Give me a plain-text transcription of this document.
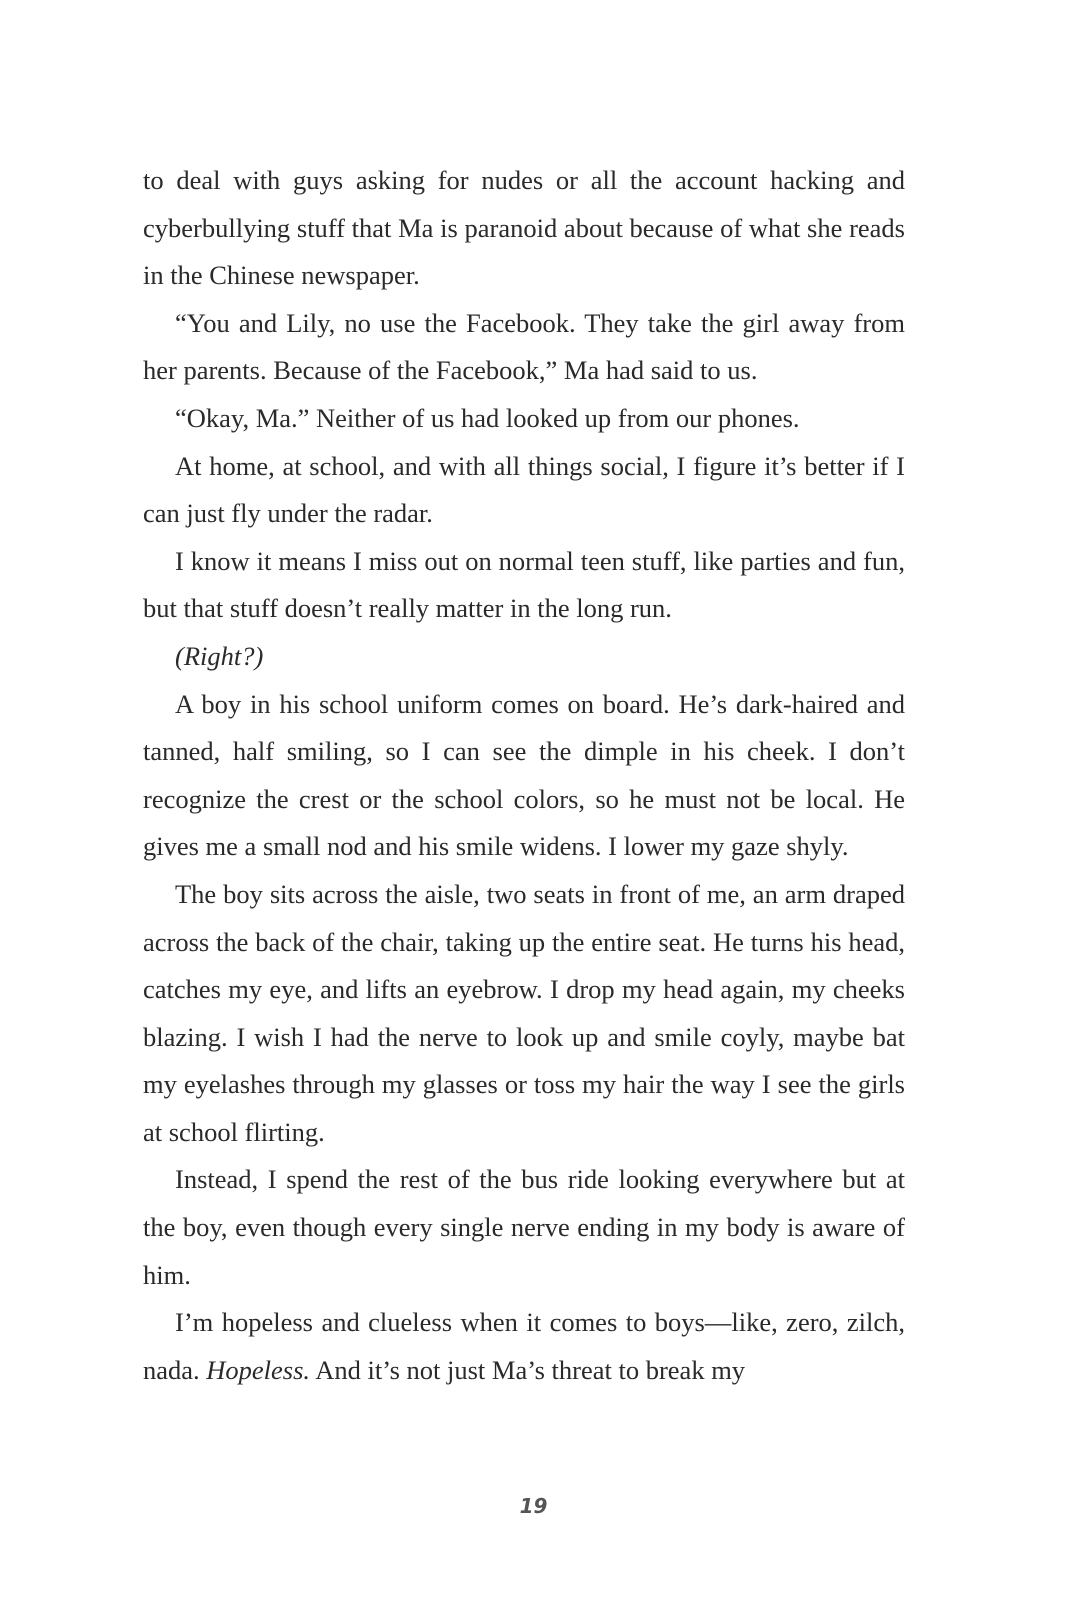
to deal with guys asking for nudes or all the account hacking and cyberbullying stuff that Ma is paranoid about because of what she reads in the Chinese newspaper.

“You and Lily, no use the Facebook. They take the girl away from her parents. Because of the Facebook,” Ma had said to us.

“Okay, Ma.” Neither of us had looked up from our phones.

At home, at school, and with all things social, I figure it’s better if I can just fly under the radar.

I know it means I miss out on normal teen stuff, like parties and fun, but that stuff doesn’t really matter in the long run.

(Right?)

A boy in his school uniform comes on board. He’s dark-haired and tanned, half smiling, so I can see the dimple in his cheek. I don’t recognize the crest or the school colors, so he must not be local. He gives me a small nod and his smile widens. I lower my gaze shyly.

The boy sits across the aisle, two seats in front of me, an arm draped across the back of the chair, taking up the entire seat. He turns his head, catches my eye, and lifts an eyebrow. I drop my head again, my cheeks blazing. I wish I had the nerve to look up and smile coyly, maybe bat my eyelashes through my glasses or toss my hair the way I see the girls at school flirting.

Instead, I spend the rest of the bus ride looking everywhere but at the boy, even though every single nerve ending in my body is aware of him.

I’m hopeless and clueless when it comes to boys—like, zero, zilch, nada. Hopeless. And it’s not just Ma’s threat to break my

19
